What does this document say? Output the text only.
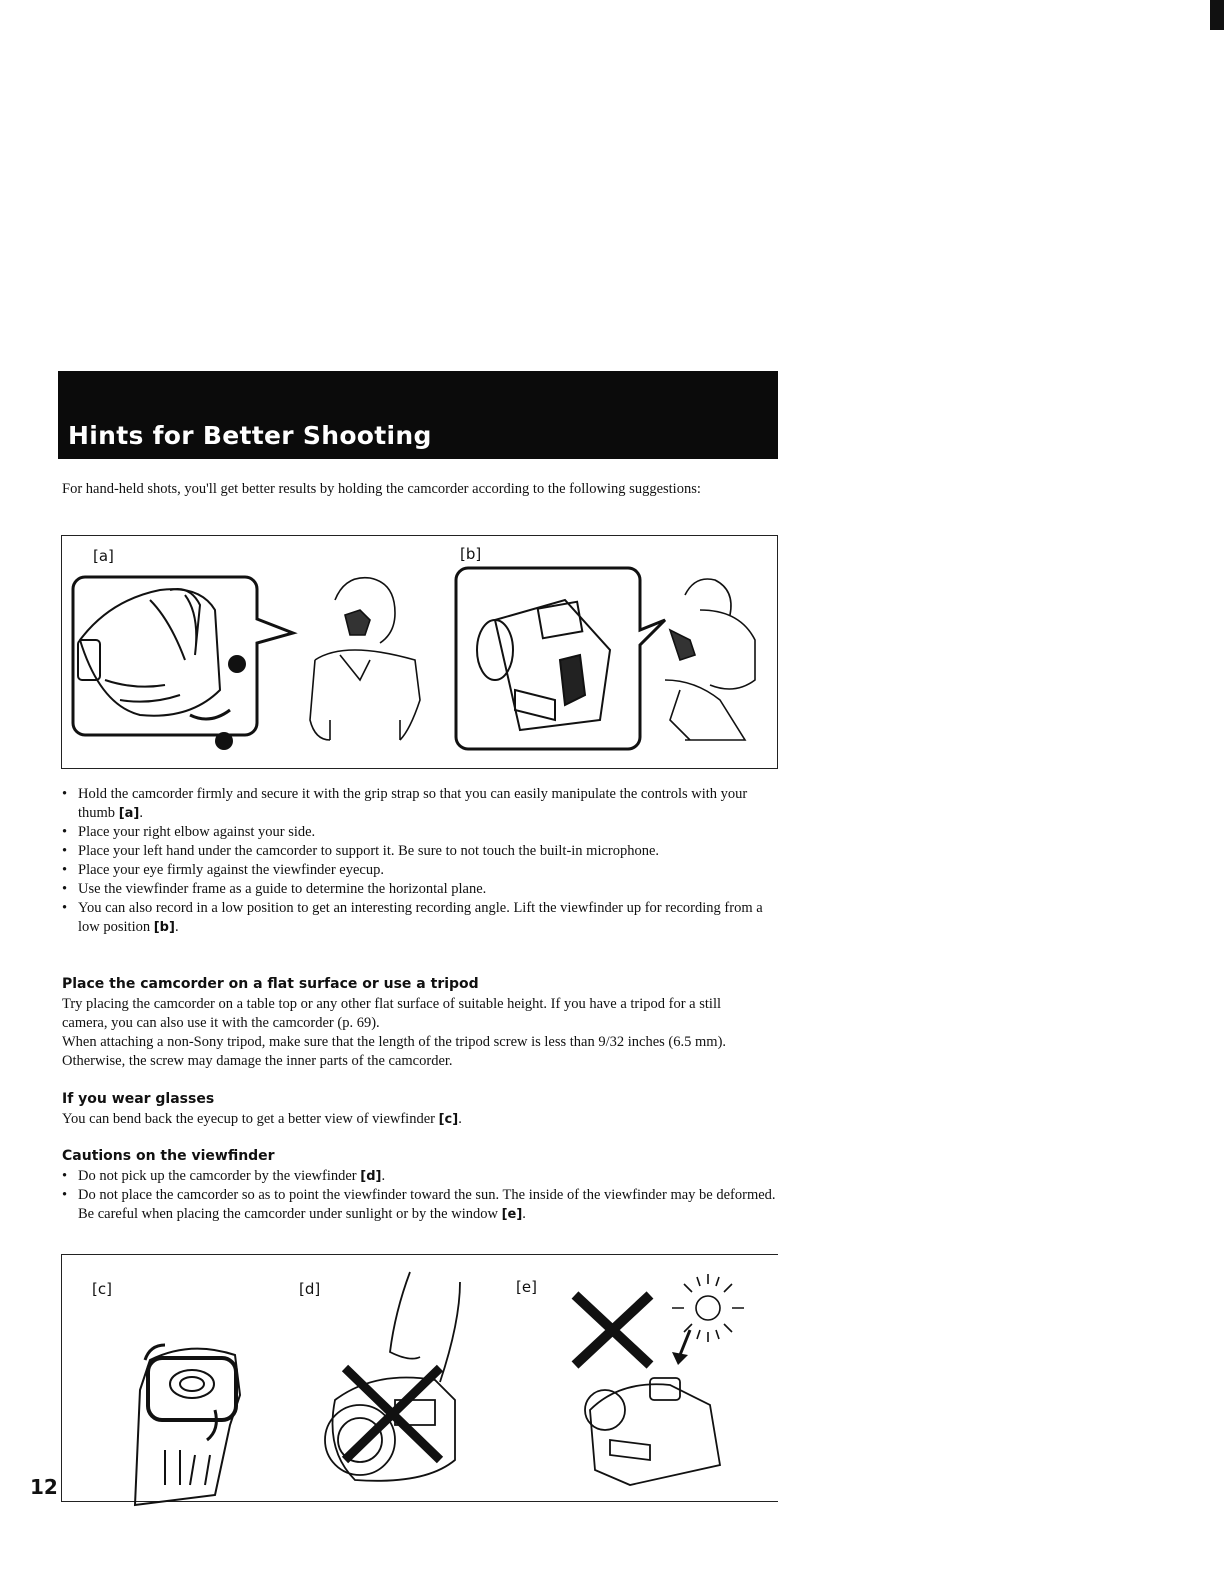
Hints for Better Shooting
For hand-held shots, you'll get better results by holding the camcorder according to the following suggestions:
[a]	[b]
• Hold the camcorder firmly and secure it with the grip strap so that you can easily manipulate the controls with your thumb [a].
• Place your right elbow against your side.
• Place your left hand under the camcorder to support it. Be sure to not touch the built-in microphone.
• Place your eye firmly against the viewfinder eyecup.
• Use the viewfinder frame as a guide to determine the horizontal plane.
• You can also record in a low position to get an interesting recording angle. Lift the viewfinder up for recording from a low position [b].
Place the camcorder on a flat surface or use a tripod
Try placing the camcorder on a table top or any other flat surface of suitable height. If you have a tripod for a still camera, you can also use it with the camcorder (p. 69).
When attaching a non-Sony tripod, make sure that the length of the tripod screw is less than 9/32 inches (6.5 mm). Otherwise, the screw may damage the inner parts of the camcorder.
If you wear glasses
You can bend back the eyecup to get a better view of viewfinder [c].
Cautions on the viewfinder
• Do not pick up the camcorder by the viewfinder [d].
• Do not place the camcorder so as to point the viewfinder toward the sun. The inside of the viewfinder may be deformed. Be careful when placing the camcorder under sunlight or by the window [e].
[c]	[d]	[e]
12
